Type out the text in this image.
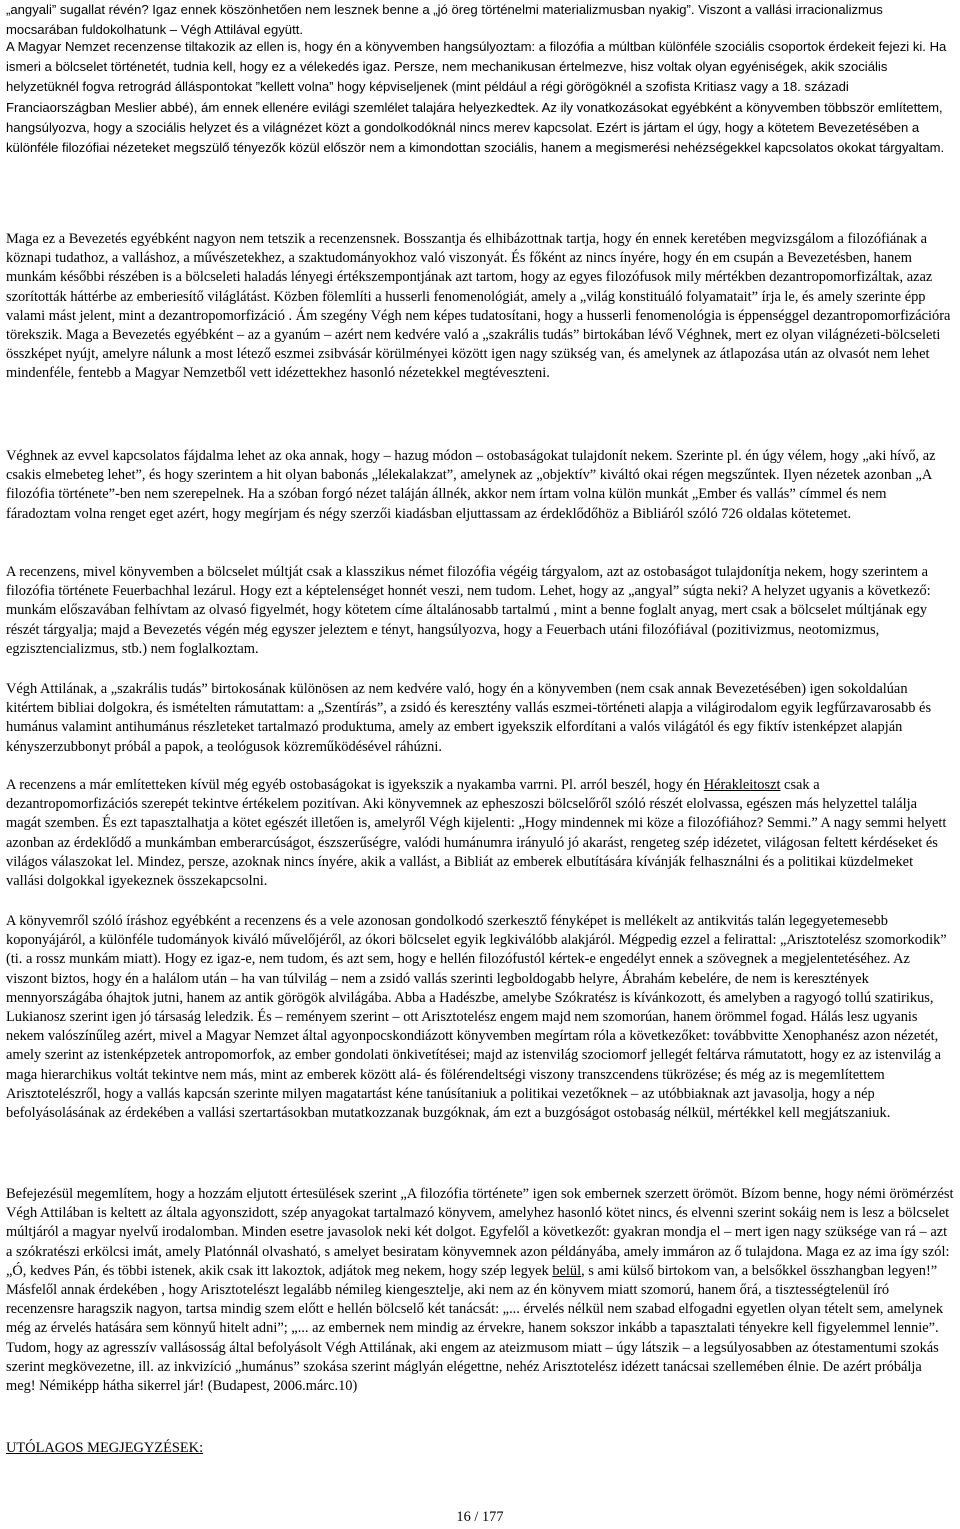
„angyali” sugallat révén? Igaz ennek köszönhetően nem lesznek benne a „jó öreg történelmi materializmusban nyakig”. Viszont a vallási irracionalizmus mocsarában fuldokolhatunk – Végh Attilával együtt.

A Magyar Nemzet recenzense tiltakozik az ellen is, hogy én a könyvemben hangsúlyoztam: a filozófia a múltban különféle szociális csoportok érdekeit fejezi ki. Ha ismeri a bölcselet történetét, tudnia kell, hogy ez a vélekedés igaz. Persze, nem mechanikusan értelmezve, hisz voltak olyan egyéniségek, akik szociális helyzetüknél fogva retrográd álláspontokat ”kellett volna” hogy képviseljenek (mint például a régi görögöknél a szofista Kritiasz vagy a 18. századi Franciaországban Meslier abbé), ám ennek ellenére evilági szemlélet talajára helyezkedtek. Az ily vonatkozásokat egyébként a könyvemben többször említettem, hangsúlyozva, hogy a szociális helyzet és a világnézet közt a gondolkodóknál nincs merev kapcsolat. Ezért is jártam el úgy, hogy a kötetem Bevezetésében a különféle filozófiai nézeteket megszülő tényezők közül először nem a kimondottan szociális, hanem a megismerési nehézségekkel kapcsolatos okokat tárgyaltam.

Maga ez a Bevezetés egyébként nagyon nem tetszik a recenzensnek. Bosszantja és elhibázottnak tartja, hogy én ennek keretében megvizsgálom a filozófiának a köznapi tudathoz, a valláshoz, a művészetekhez, a szaktudományokhoz való viszonyát. És főként az nincs ínyére, hogy én em csupán a Bevezetésben, hanem munkám későbbi részében is a bölcseleti haladás lényegi értékszempontjának azt tartom, hogy az egyes filozófusok mily mértékben dezantropomorfizáltak, azaz szorították háttérbe az emberiesítő világlátást. Közben fölemlíti a husserli fenomenológiát, amely a „világ konstituáló folyamatait” írja le, és amely szerinte épp valami mást jelent, mint a dezantropomorfizáció . Ám szegény Végh nem képes tudatosítani, hogy a husserli fenomenológia is éppenséggel dezantropomorfizációra törekszik. Maga a Bevezetés egyébként – az a gyanúm – azért nem kedvére való a „szakrális tudás” birtokában lévő Véghnek, mert ez olyan világnézeti-bölcseleti összképet nyújt, amelyre nálunk a most létező eszmei zsibvásár körülményei között igen nagy szükség van, és amelynek az átlapozása után az olvasót nem lehet mindenféle, fentebb a Magyar Nemzetből vett idézettekhez hasonló nézetekkel megtéveszteni.

Véghnek az evvel kapcsolatos fájdalma lehet az oka annak, hogy – hazug módon – ostobaságokat tulajdonít nekem. Szerinte pl. én úgy vélem, hogy „aki hívő, az csakis elmebeteg lehet”, és hogy szerintem a hit olyan babonás „lélekalakzat”, amelynek az „objektív” kiváltó okai régen megszűntek. Ilyen nézetek azonban „A filozófia története”-ben nem szerepelnek. Ha a szóban forgó nézet taláján állnék, akkor nem írtam volna külön munkát „Ember és vallás” címmel és nem fáradoztam volna renget eget azért, hogy megírjam és négy szerzői kiadásban eljuttassam az érdeklődőhöz a Bibliáról szóló 726 oldalas kötetemet.

A recenzens, mivel könyvemben a bölcselet múltját csak a klasszikus német filozófia végéig tárgyalom, azt az ostobaságot tulajdonítja nekem, hogy szerintem a filozófia története Feuerbachhal lezárul. Hogy ezt a képtelenséget honnét veszi, nem tudom. Lehet, hogy az „angyal” súgta neki? A helyzet ugyanis a következő: munkám előszavában felhívtam az olvasó figyelmét, hogy kötetem címe általánosabb tartalmú , mint a benne foglalt anyag, mert csak a bölcselet múltjának egy részét tárgyalja; majd a Bevezetés végén még egyszer jeleztem e tényt, hangsúlyozva, hogy a Feuerbach utáni filozófiával (pozitivizmus, neotomizmus, egzisztencializmus, stb.) nem foglalkoztam.

Végh Attilának, a „szakrális tudás” birtokosának különösen az nem kedvére való, hogy én a könyvemben (nem csak annak Bevezetésében) igen sokoldalúan kitértem bibliai dolgokra, és ismételten rámutattam: a „Szentírás”, a zsidó és keresztény vallás eszmei-történeti alapja a világirodalom egyik legfűrzavarosabb és humánus valamint antihumánus részleteket tartalmazó produktuma, amely az embert igyekszik elfordítani a valós világától és egy fiktív istenképzet alapján kényszerzubbonyt próbál a papok, a teológusok közreműködésével ráhúzni.

A recenzens a már említetteken kívül még egyéb ostobaságokat is igyekszik a nyakamba varrni. Pl. arról beszél, hogy én Hérakleitoszt csak a dezantropomorfizációs szerepét tekintve értékelem pozitívan. Aki könyvemnek az epheszoszi bölcselőről szóló részét elolvassa, egészen más helyzettel találja magát szemben. És ezt tapasztalhatja a kötet egészét illetően is, amelyről Végh kijelenti: „Hogy mindennek mi köze a filozófiához? Semmi.” A nagy semmi helyett azonban az érdeklődő a munkámban emberarcúságot, észszerűségre, valódi humánumra irányuló jó akarást, rengeteg szép idézetet, világosan feltett kérdéseket és világos válaszokat lel. Mindez, persze, azoknak nincs ínyére, akik a vallást, a Bibliát az emberek elbutítására kívánják felhasználni és a politikai küzdelmeket vallási dolgokkal igyekeznek összekapcsolni.

A könyvemről szóló íráshoz egyébként a recenzens és a vele azonosan gondolkodó szerkesztő fényképet is mellékelt az antikvitás talán legegyetemesebb koponyájáról, a különféle tudományok kiváló művelőjéről, az ókori bölcselet egyik legkiválóbb alakjáról. Mégpedig ezzel a felirattal: „Arisztotelész szomorkodik” (ti. a rossz munkám miatt). Hogy ez igaz-e, nem tudom, és azt sem, hogy e hellén filozófustól kértek-e engedélyt ennek a szövegnek a megjelentetéséhez. Az viszont biztos, hogy én a halálom után – ha van túlvilág – nem a zsidó vallás szerinti legboldogabb helyre, Ábrahám kebelére, de nem is keresztények mennyországába óhajtok jutni, hanem az antik görögök alvilágába. Abba a Hadészbe, amelybe Szókratész is kívánkozott, és amelyben a ragyogó tollú szatirikus, Lukianosz szerint igen jó társaság leledzik. És – reményem szerint – ott Arisztotelész engem majd nem szomorúan, hanem örömmel fogad. Hálás lesz ugyanis nekem valószínűleg azért, mivel a Magyar Nemzet által agyonpocskondiázott könyvemben megírtam róla a következőket: továbbvitte Xenophanész azon nézetét, amely szerint az istenképzetek antropomorfok, az ember gondolati önkivetítései; majd az istenvilág szociomorf jellegét feltárva rámutatott, hogy ez az istenvilág a maga hierarchikus voltát tekintve nem más, mint az emberek között alá- és fölérendeltségi viszony transzcendens tükrözése; és még az is megemlítettem Arisztotelészről, hogy a vallás kapcsán szerinte milyen magatartást kéne tanúsítaniuk a politikai vezetőknek – az utóbbiaknak azt javasolja, hogy a nép befolyásolásának az érdekében a vallási szertartásokban mutatkozzanak buzgóknak, ám ezt a buzgóságot ostobaság nélkül, mértékkel kell megjátszaniuk.

Befejezésül megemlítem, hogy a hozzám eljutott értesülések szerint „A filozófia története” igen sok embernek szerzett örömöt. Bízom benne, hogy némi örömérzést Végh Attilában is keltett az általa agyonszidott, szép anyagokat tartalmazó könyvem, amelyhez hasonló kötet nincs, és elvenni szerint sokáig nem is lesz a bölcselet múltjáról a magyar nyelvű irodalomban. Minden esetre javasolok neki két dolgot. Egyfelől a következőt: gyakran mondja el – mert igen nagy szüksége van rá – azt a szókratészi erkölcsi imát, amely Platónnál olvasható, s amelyet besiratam könyvemnek azon példányába, amely immáron az ő tulajdona. Maga ez az ima így szól: „Ó, kedves Pán, és többi istenek, akik csak itt lakoztok, adjátok meg nekem, hogy szép legyek belül, s ami külső birtokom van, a belsőkkel összhangban legyen!” Másfelől annak érdekében , hogy Arisztotelészt legalább némileg kiengesztelje, aki nem az én könyvem miatt szomorú, hanem őrá, a tisztességtelenül író recenzensre haragszik nagyon, tartsa mindig szem előtt e hellén bölcselő két tanácsát: „... érvelés nélkül nem szabad elfogadni egyetlen olyan tételt sem, amelynek még az érvelés hatására sem könnyű hitelt adni”; „... az embernek nem mindig az érvekre, hanem sokszor inkább a tapasztalati tényekre kell figyelemmel lennie”. Tudom, hogy az agresszív vallásosság által befolyásolt Végh Attilának, aki engem az ateizmusom miatt – úgy látszik – a legsúlyosabben az ótestamentumi szokás szerint megkövezetne, ill. az inkvizíció „humánus” szokása szerint máglyán elégettne, nehéz Arisztotelész idézett tanácsai szellemében élnie. De azért próbálja meg! Némiképp hátha sikerrel jár! (Budapest, 2006.márc.10)

UTÓLAGOS MEGJEGYZÉSEK:
16 / 177
